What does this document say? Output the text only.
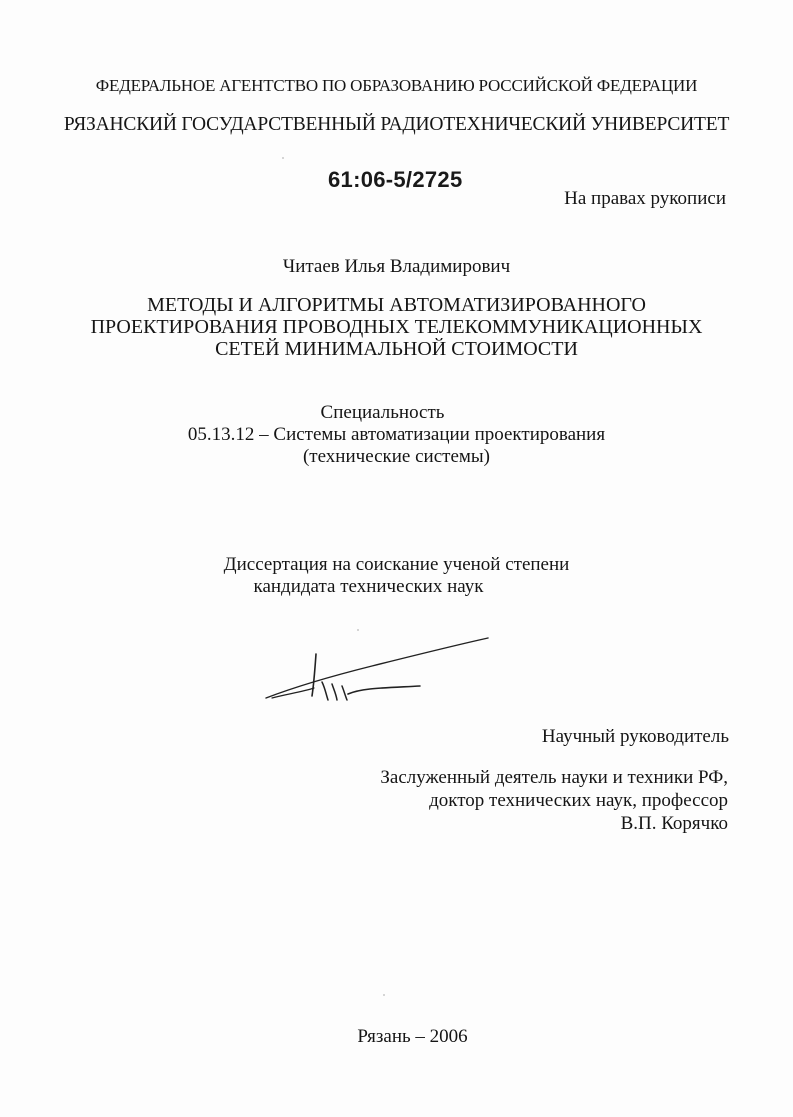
ФЕДЕРАЛЬНОЕ АГЕНТСТВО ПО ОБРАЗОВАНИЮ РОССИЙСКОЙ ФЕДЕРАЦИИ
РЯЗАНСКИЙ ГОСУДАРСТВЕННЫЙ РАДИОТЕХНИЧЕСКИЙ УНИВЕРСИТЕТ
61:06-5/2725
На правах рукописи
Читаев Илья Владимирович
МЕТОДЫ И АЛГОРИТМЫ АВТОМАТИЗИРОВАННОГО
ПРОЕКТИРОВАНИЯ ПРОВОДНЫХ ТЕЛЕКОММУНИКАЦИОННЫХ
СЕТЕЙ МИНИМАЛЬНОЙ СТОИМОСТИ
Специальность
05.13.12 – Системы автоматизации проектирования
(технические системы)
Диссертация на соискание ученой степени
кандидата технических наук
Научный руководитель
Заслуженный деятель науки и техники РФ,
доктор технических наук, профессор
В.П. Корячко
Рязань – 2006
